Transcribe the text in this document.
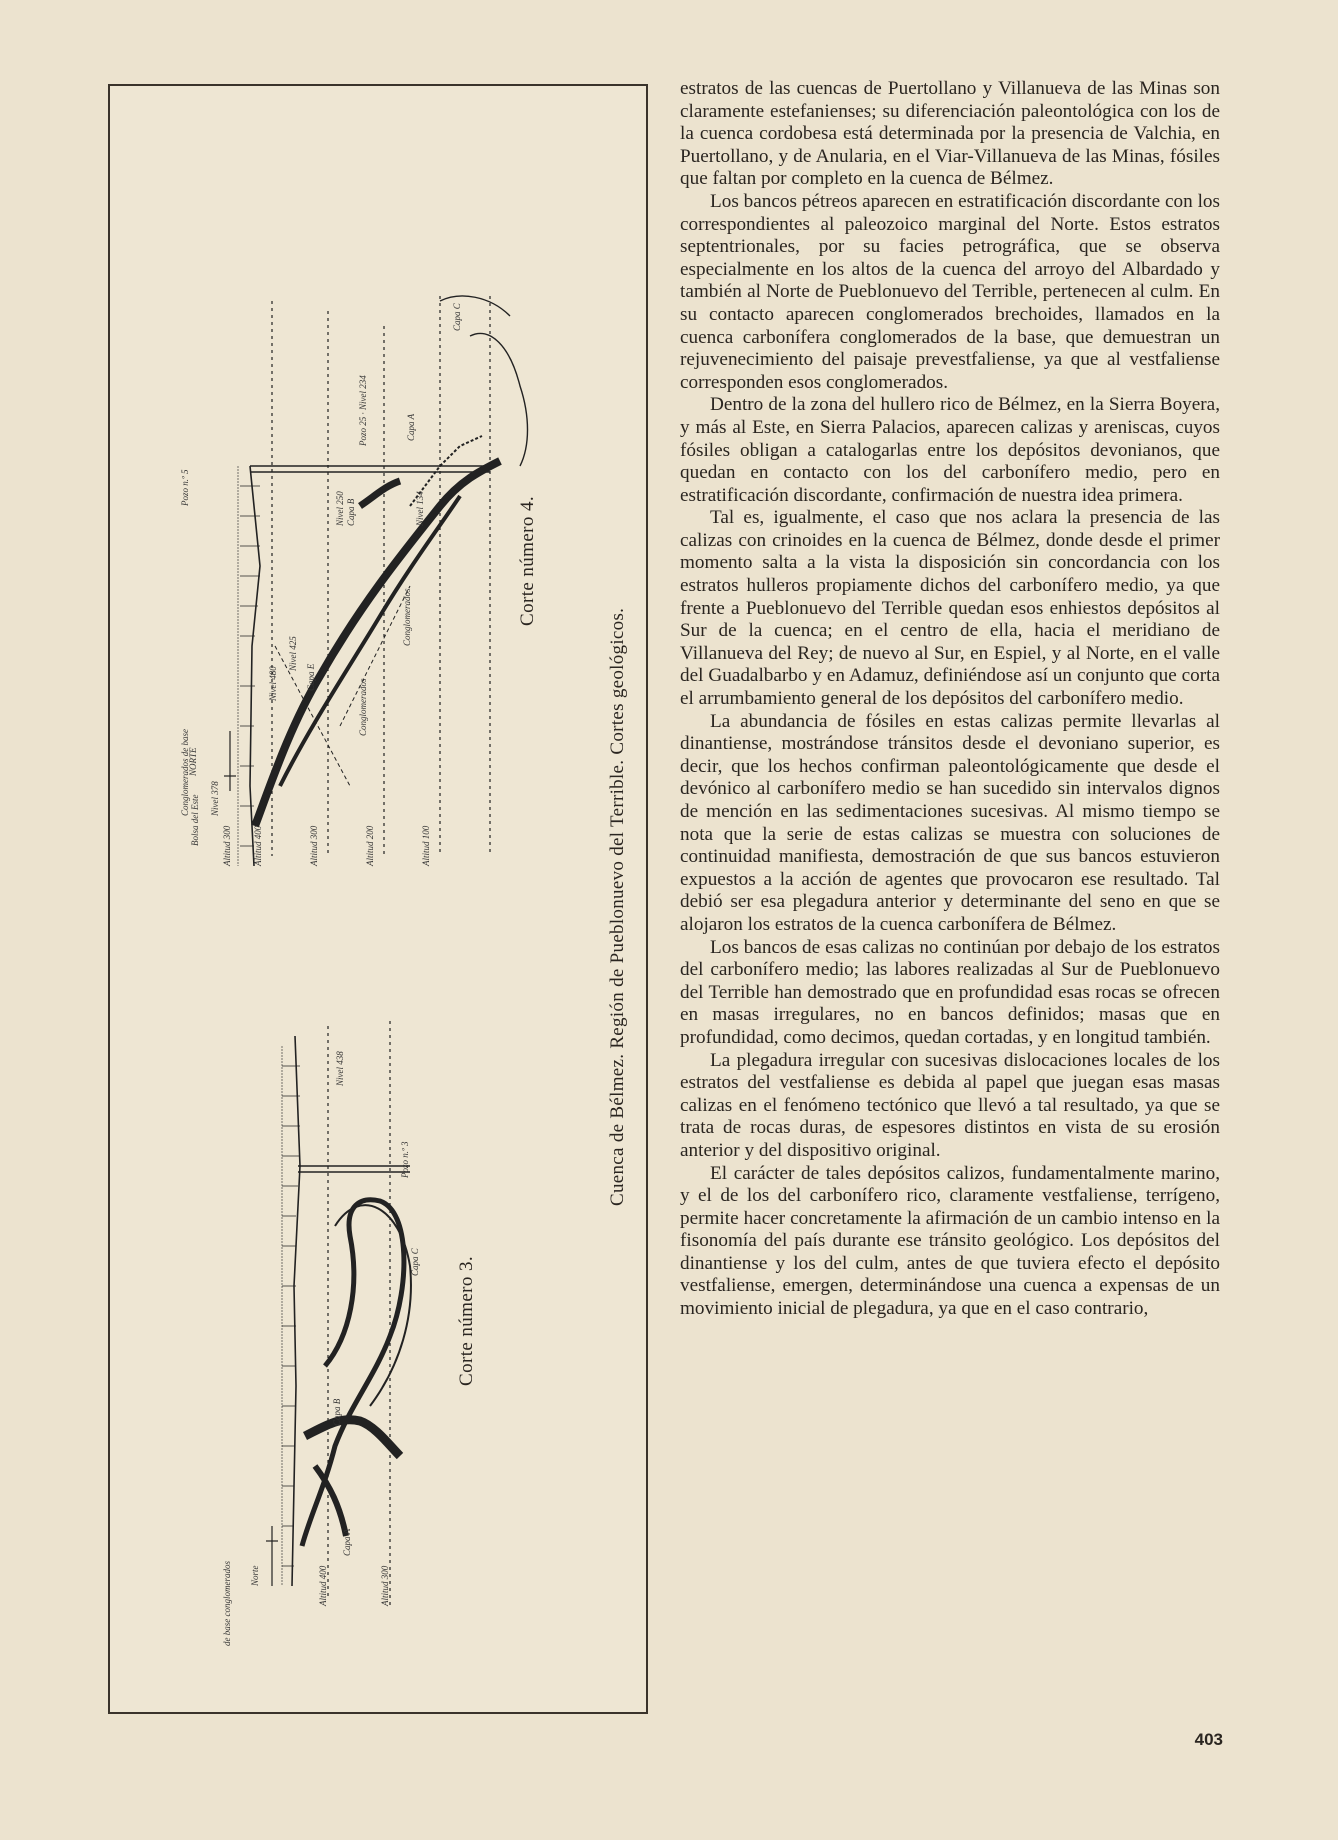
Cuenca de Bélmez. Región de Pueblonuevo del Terrible. Cortes geológicos.
Corte número 4.
Corte número 3.
Conglomerados de base
Pozo n.º 5
Bolsa del Este
NORTE
Nivel 378
Altitud 300 Altitud 400	Altitud 300	Altitud 200	Altitud 100
Nivel 480
Nivel 425
Capa E
Capa B
Capa A
Capa C
Pozo 25 · Nivel 234
Nivel 134
Nivel 250
Conglomerados
Conglomerados
Norte
de base conglomerados	Altitud 400	Altitud 300
Pozo n.º 3
Capa A
Capa B
Capa C
Nivel 438

estratos de las cuencas de Puertollano y Villanueva de las Minas son claramente estefanienses; su diferenciación paleontológica con los de la cuenca cordobesa está determinada por la presencia de Valchia, en Puertollano, y de Anularia, en el Viar-Villanueva de las Minas, fósiles que faltan por completo en la cuenca de Bélmez.

Los bancos pétreos aparecen en estratificación discordante con los correspondientes al paleozoico marginal del Norte. Estos estratos septentrionales, por su facies petrográfica, que se observa especialmente en los altos de la cuenca del arroyo del Albardado y también al Norte de Pueblonuevo del Terrible, pertenecen al culm. En su contacto aparecen conglomerados brechoides, llamados en la cuenca carbonífera conglomerados de la base, que demuestran un rejuvenecimiento del paisaje prevestfaliense, ya que al vestfaliense corresponden esos conglomerados.

Dentro de la zona del hullero rico de Bélmez, en la Sierra Boyera, y más al Este, en Sierra Palacios, aparecen calizas y areniscas, cuyos fósiles obligan a catalogarlas entre los depósitos devonianos, que quedan en contacto con los del carbonífero medio, pero en estratificación discordante, confirmación de nuestra idea primera.

Tal es, igualmente, el caso que nos aclara la presencia de las calizas con crinoides en la cuenca de Bélmez, donde desde el primer momento salta a la vista la disposición sin concordancia con los estratos hulleros propiamente dichos del carbonífero medio, ya que frente a Pueblonuevo del Terrible quedan esos enhiestos depósitos al Sur de la cuenca; en el centro de ella, hacia el meridiano de Villanueva del Rey; de nuevo al Sur, en Espiel, y al Norte, en el valle del Guadalbarbo y en Adamuz, definiéndose así un conjunto que corta el arrumbamiento general de los depósitos del carbonífero medio.

La abundancia de fósiles en estas calizas permite llevarlas al dinantiense, mostrándose tránsitos desde el devoniano superior, es decir, que los hechos confirman paleontológicamente que desde el devónico al carbonífero medio se han sucedido sin intervalos dignos de mención en las sedimentaciones sucesivas. Al mismo tiempo se nota que la serie de estas calizas se muestra con soluciones de continuidad manifiesta, demostración de que sus bancos estuvieron expuestos a la acción de agentes que provocaron ese resultado. Tal debió ser esa plegadura anterior y determinante del seno en que se alojaron los estratos de la cuenca carbonífera de Bélmez.

Los bancos de esas calizas no continúan por debajo de los estratos del carbonífero medio; las labores realizadas al Sur de Pueblonuevo del Terrible han demostrado que en profundidad esas rocas se ofrecen en masas irregulares, no en bancos definidos; masas que en profundidad, como decimos, quedan cortadas, y en longitud también.

La plegadura irregular con sucesivas dislocaciones locales de los estratos del vestfaliense es debida al papel que juegan esas masas calizas en el fenómeno tectónico que llevó a tal resultado, ya que se trata de rocas duras, de espesores distintos en vista de su erosión anterior y del dispositivo original.

El carácter de tales depósitos calizos, fundamentalmente marino, y el de los del carbonífero rico, claramente vestfaliense, terrígeno, permite hacer concretamente la afirmación de un cambio intenso en la fisonomía del país durante ese tránsito geológico. Los depósitos del dinantiense y los del culm, antes de que tuviera efecto el depósito vestfaliense, emergen, determinándose una cuenca a expensas de un movimiento inicial de plegadura, ya que en el caso contrario,

403
